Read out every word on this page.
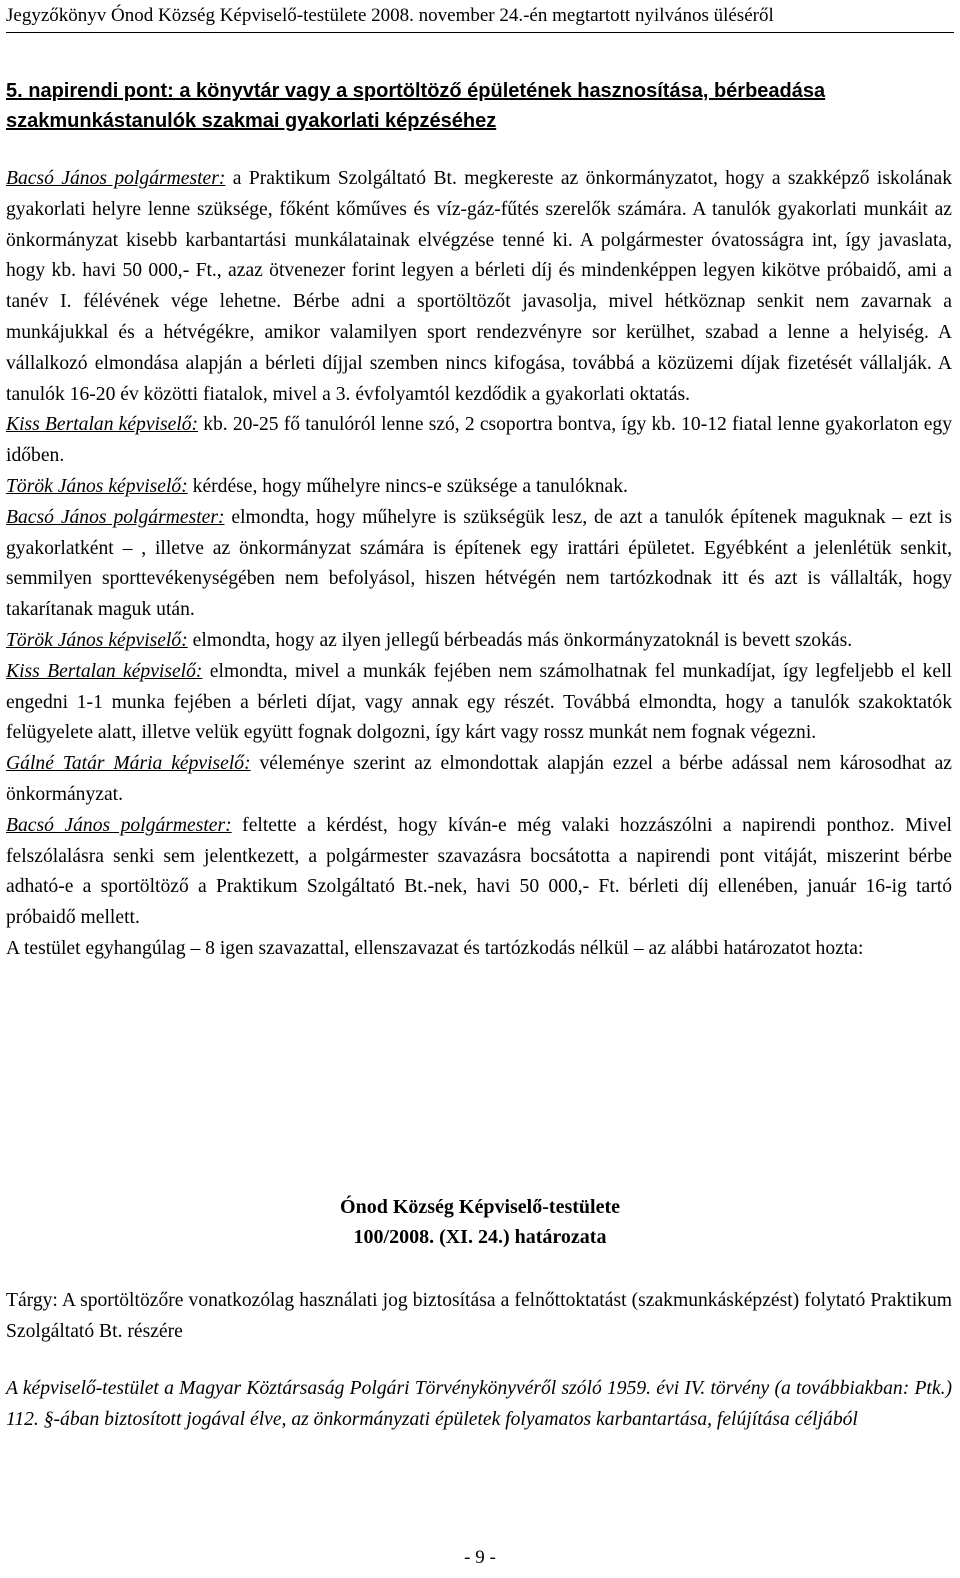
Jegyzőkönyv Ónod Község Képviselő-testülete 2008. november 24.-én megtartott nyilvános üléséről
5. napirendi pont: a könyvtár vagy a sportöltöző épületének hasznosítása, bérbeadása szakmunkástanulók szakmai gyakorlati képzéséhez

Bacsó János polgármester: a Praktikum Szolgáltató Bt. megkereste az önkormányzatot, hogy a szakképző iskolának gyakorlati helyre lenne szüksége, főként kőműves és víz-gáz-fűtés szerelők számára. A tanulók gyakorlati munkáit az önkormányzat kisebb karbantartási munkálatainak elvégzése tenné ki. A polgármester óvatosságra int, így javaslata, hogy kb. havi 50 000,- Ft., azaz ötvenezer forint legyen a bérleti díj és mindenképpen legyen kikötve próbaidő, ami a tanév I. félévének vége lehetne. Bérbe adni a sportöltözőt javasolja, mivel hétköznap senkit nem zavarnak a munkájukkal és a hétvégékre, amikor valamilyen sport rendezvényre sor kerülhet, szabad a lenne a helyiség. A vállalkozó elmondása alapján a bérleti díjjal szemben nincs kifogása, továbbá a közüzemi díjak fizetését vállalják. A tanulók 16-20 év közötti fiatalok, mivel a 3. évfolyamtól kezdődik a gyakorlati oktatás.

Kiss Bertalan képviselő: kb. 20-25 fő tanulóról lenne szó, 2 csoportra bontva, így kb. 10-12 fiatal lenne gyakorlaton egy időben.

Török János képviselő: kérdése, hogy műhelyre nincs-e szüksége a tanulóknak.

Bacsó János polgármester: elmondta, hogy műhelyre is szükségük lesz, de azt a tanulók építenek maguknak – ezt is gyakorlatként – , illetve az önkormányzat számára is építenek egy irattári épületet. Egyébként a jelenlétük senkit, semmilyen sporttevékenységében nem befolyásol, hiszen hétvégén nem tartózkodnak itt és azt is vállalták, hogy takarítanak maguk után.

Török János képviselő: elmondta, hogy az ilyen jellegű bérbeadás más önkormányzatoknál is bevett szokás.

Kiss Bertalan képviselő: elmondta, mivel a munkák fejében nem számolhatnak fel munkadíjat, így legfeljebb el kell engedni 1-1 munka fejében a bérleti díjat, vagy annak egy részét. Továbbá elmondta, hogy a tanulók szakoktatók felügyelete alatt, illetve velük együtt fognak dolgozni, így kárt vagy rossz munkát nem fognak végezni.

Gálné Tatár Mária képviselő: véleménye szerint az elmondottak alapján ezzel a bérbe adással nem károsodhat az önkormányzat.

Bacsó János polgármester: feltette a kérdést, hogy kíván-e még valaki hozzászólni a napirendi ponthoz. Mivel felszólalásra senki sem jelentkezett, a polgármester szavazásra bocsátotta a napirendi pont vitáját, miszerint bérbe adható-e a sportöltöző a Praktikum Szolgáltató Bt.-nek, havi 50 000,- Ft. bérleti díj ellenében, január 16-ig tartó próbaidő mellett.

A testület egyhangúlag – 8 igen szavazattal, ellenszavazat és tartózkodás nélkül – az alábbi határozatot hozta:

Ónod Község Képviselő-testülete
100/2008. (XI. 24.) határozata
Tárgy: A sportöltözőre vonatkozólag használati jog biztosítása a felnőttoktatást (szakmunkásképzést) folytató Praktikum Szolgáltató Bt. részére
A képviselő-testület a Magyar Köztársaság Polgári Törvénykönyvéről szóló 1959. évi IV. törvény (a továbbiakban: Ptk.) 112. §-ában biztosított jogával élve, az önkormányzati épületek folyamatos karbantartása, felújítása céljából
- 9 -
